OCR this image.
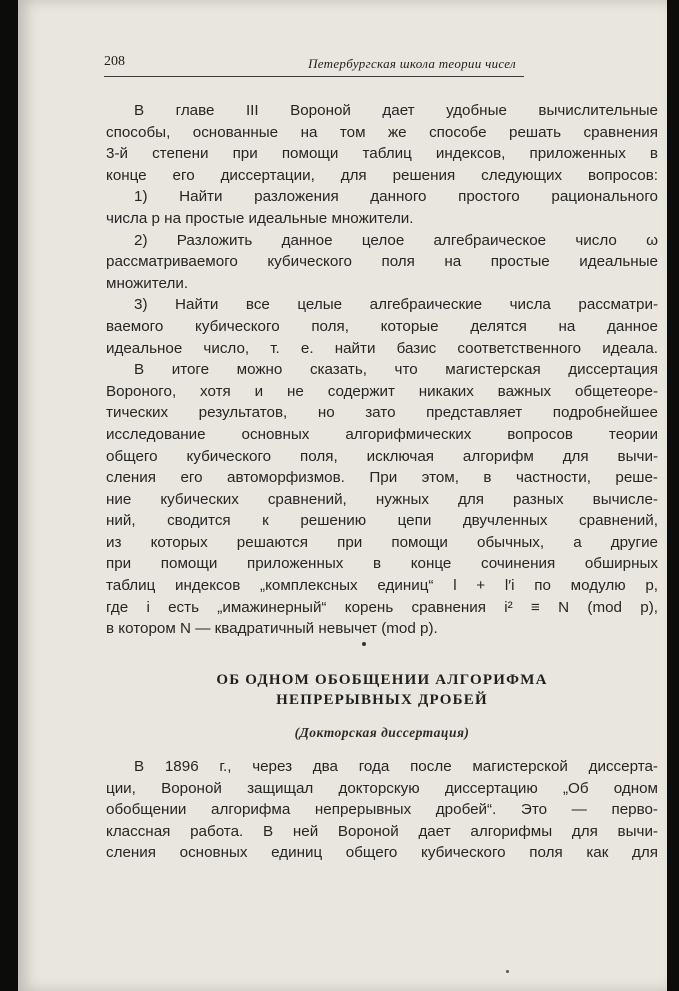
208	Петербургская школа теории чисел
В главе III Вороной дает удобные вычислительные
способы, основанные на том же способе решать сравнения
3-й степени при помощи таблиц индексов, приложенных в
конце его диссертации, для решения следующих вопросов:
1) Найти разложения данного простого рационального
числа p на простые идеальные множители.
2) Разложить данное целое алгебраическое число ω
рассматриваемого кубического поля на простые идеальные
множители.
3) Найти все целые алгебраические числа рассматри-
ваемого кубического поля, которые делятся на данное
идеальное число, т. е. найти базис соответственного идеала.
В итоге можно сказать, что магистерская диссертация
Вороного, хотя и не содержит никаких важных общетеоре-
тических результатов, но зато представляет подробнейшее
исследование основных алгорифмических вопросов теории
общего кубического поля, исключая алгорифм для вычи-
сления его автоморфизмов. При этом, в частности, реше-
ние кубических сравнений, нужных для разных вычисле-
ний, сводится к решению цепи двучленных сравнений,
из которых решаются при помощи обычных, а другие
при помощи приложенных в конце сочинения обширных
таблиц индексов „комплексных единиц“ l + l′i по модулю p,
где i есть „имажинерный“ корень сравнения i² ≡ N (mod p),
в котором N — квадратичный невычет (mod p).
ОБ ОДНОМ ОБОБЩЕНИИ АЛГОРИФМА
НЕПРЕРЫВНЫХ ДРОБЕЙ
(Докторская диссертация)
В 1896 г., через два года после магистерской диссерта-
ции, Вороной защищал докторскую диссертацию „Об одном
обобщении алгорифма непрерывных дробей“. Это — перво-
классная работа. В ней Вороной дает алгорифмы для вычи-
сления основных единиц общего кубического поля как для
